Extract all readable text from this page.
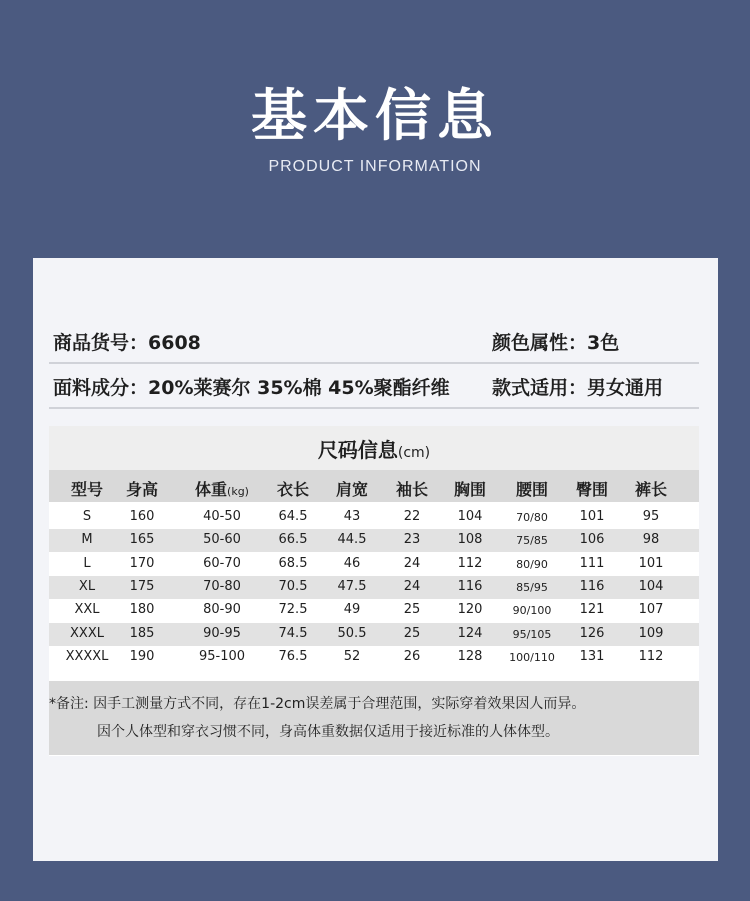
基本信息
PRODUCT INFORMATION
商品货号：6608	颜色属性：3色
面料成分：20%莱赛尔 35%棉 45%聚酯纤维 款式适用：男女通用
尺码信息(cm)
型号	身高	体重(kg)	衣长	肩宽	袖长	胸围	腰围	臀围	裤长
S	160	40-50	64.5	43	22	104	70/80	101	95
M	165	50-60	66.5	44.5	23	108	75/85	106	98
L	170	60-70	68.5	46	24	112	80/90	111	101
XL	175	70-80	70.5	47.5	24	116	85/95	116	104
XXL	180	80-90	72.5	49	25	120	90/100	121	107
XXXL	185	90-95	74.5	50.5	25	124	95/105	126	109
XXXXL	190	95-100	76.5	52	26	128	100/110	131	112
*备注: 因手工测量方式不同，存在1-2cm误差属于合理范围，实际穿着效果因人而异。
因个人体型和穿衣习惯不同，身高体重数据仅适用于接近标准的人体体型。
